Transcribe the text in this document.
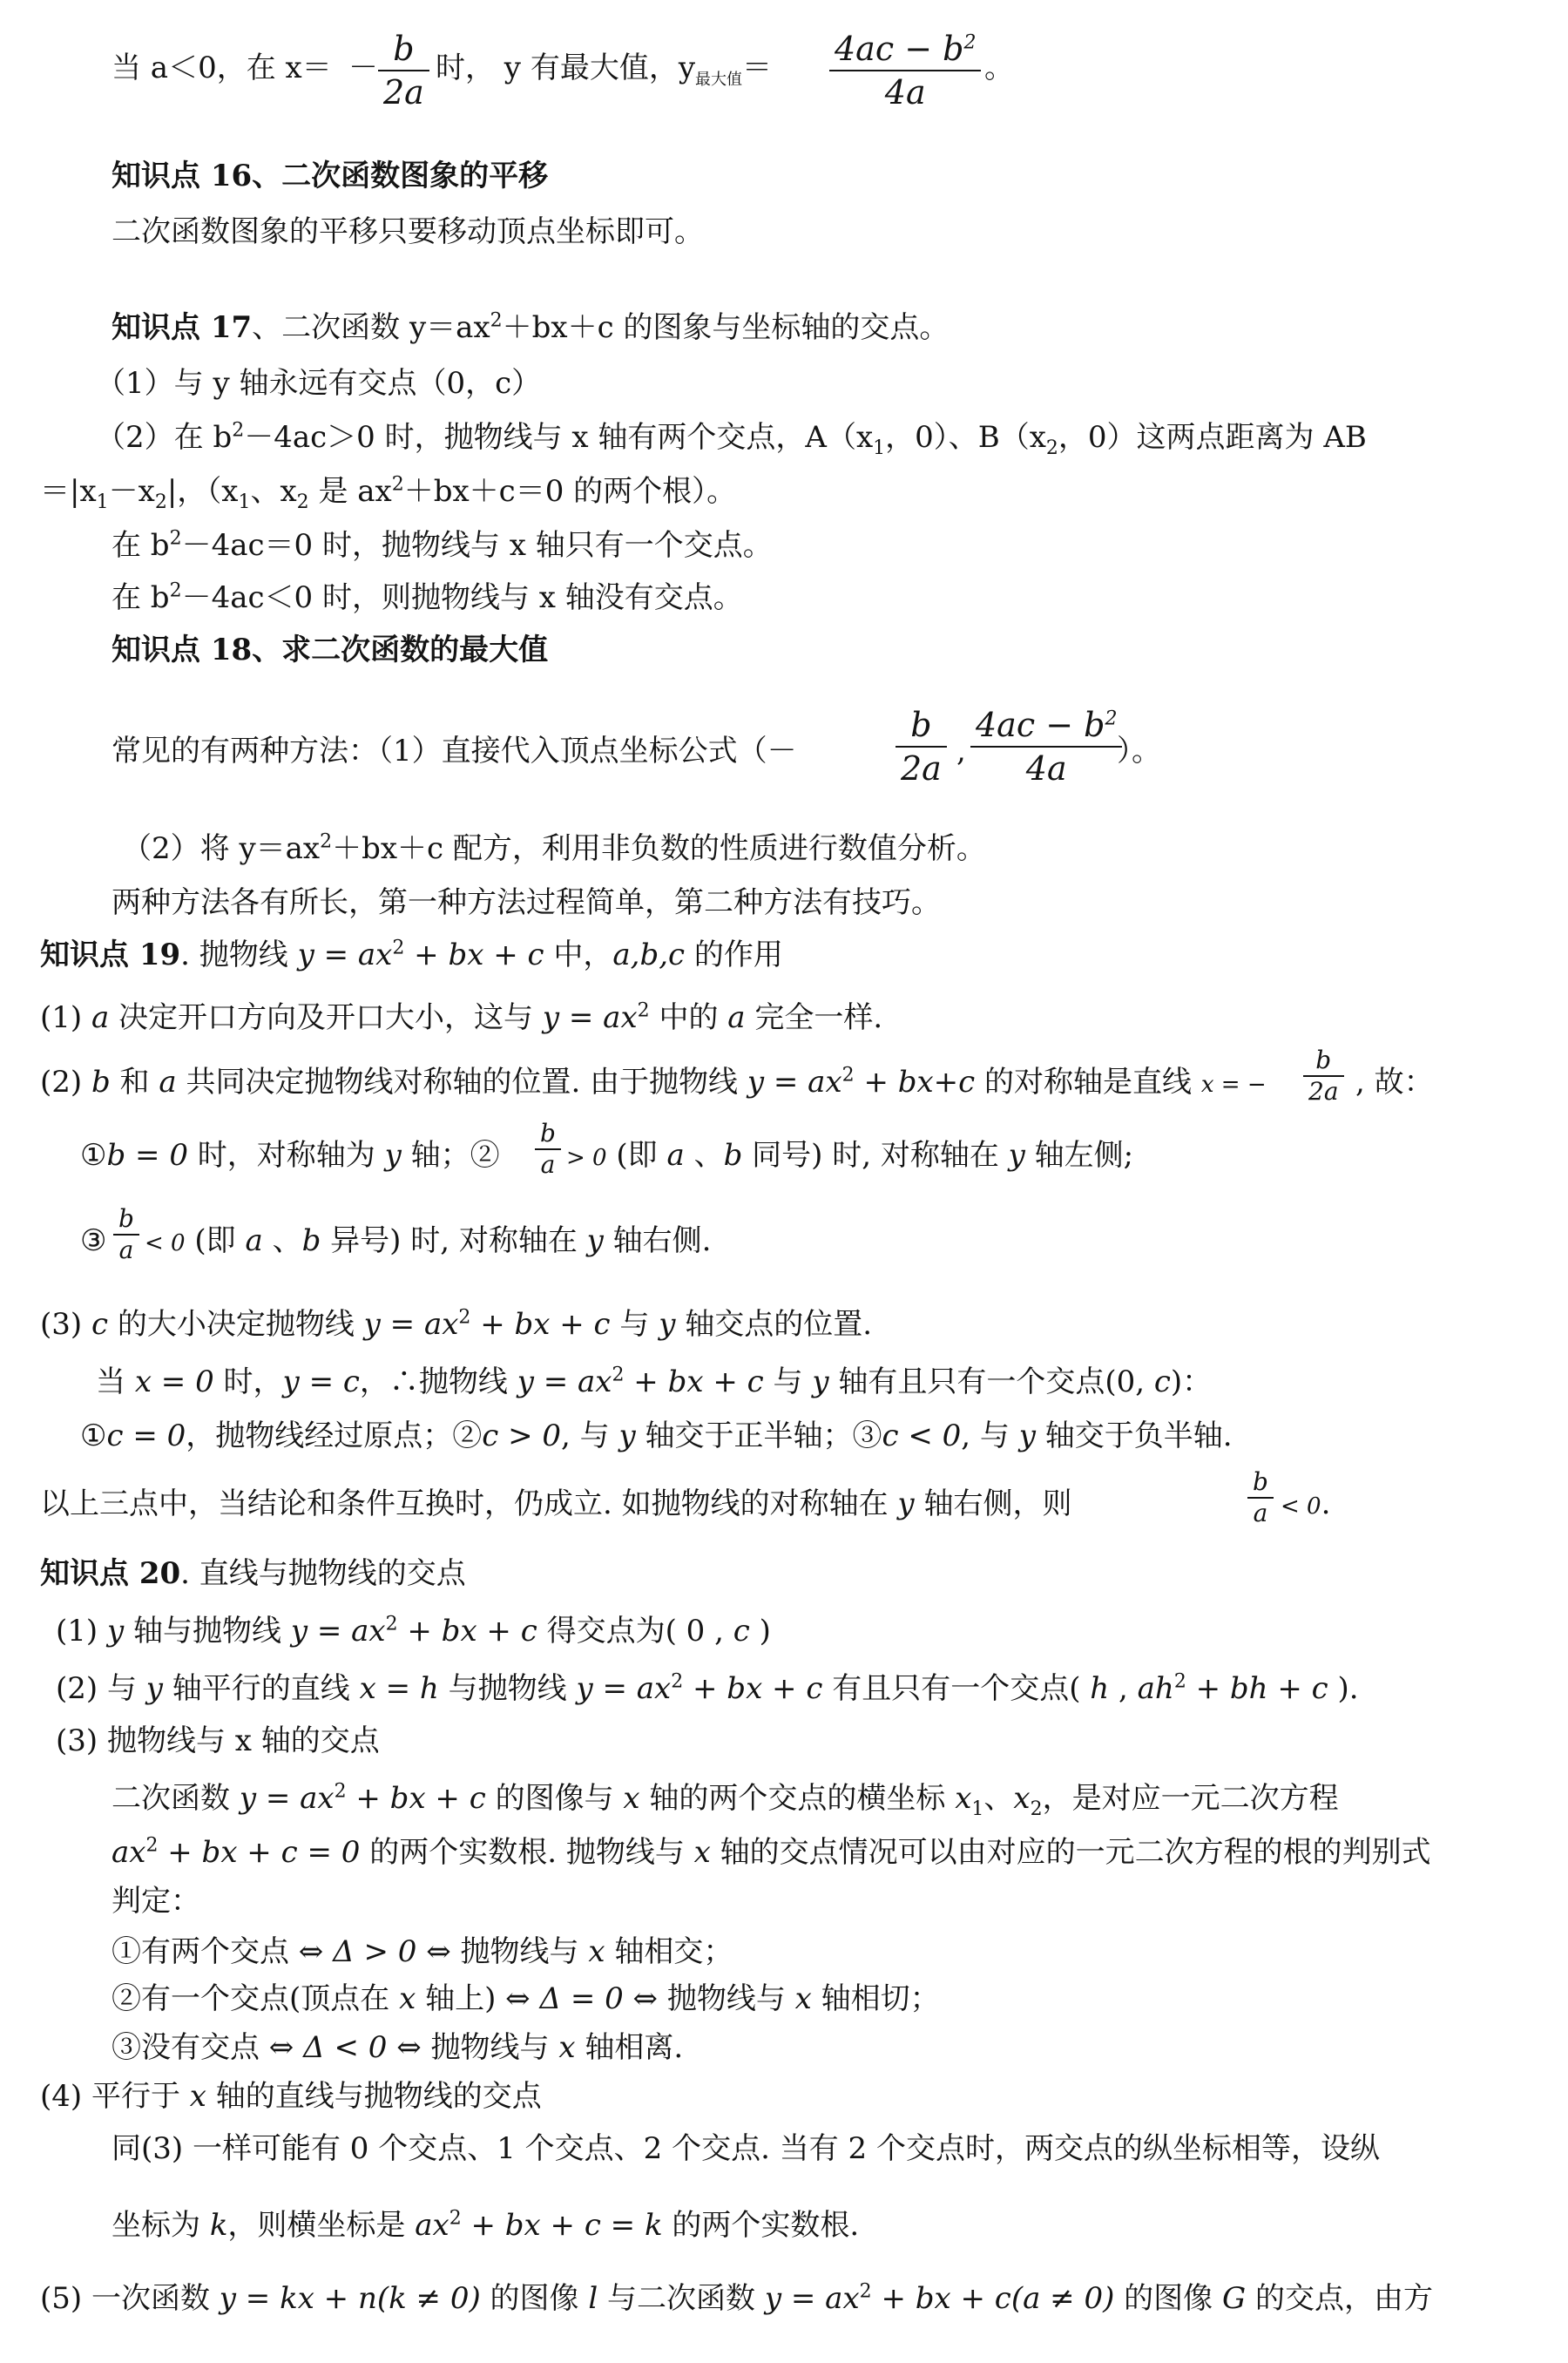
当 a＜0，在 $x= - \frac{b}{2a}$ 时， y 有最大值，$y_{最大值}= \frac{4ac - b^2}{4a}$ 。
知识点 16、二次函数图象的平移
二次函数图象的平移只要移动顶点坐标即可。
知识点 17、二次函数 $y=ax^2+bx+c$ 的图象与坐标轴的交点。
（1）与 y 轴永远有交点（0，c）
（2）在 $b^2-4ac>0$ 时，抛物线与 x 轴有两个交点，$A(x_1$，0）、$B(x_2$，0）这两点距离为 AB
$=|x_1-x_2|$，（$x_1$、$x_2$ 是 $ax^2+bx+c=0$ 的两个根）。
在 $b^2-4ac=0$ 时，抛物线与 x 轴只有一个交点。
在 $b^2-4ac<0$ 时，则抛物线与 x 轴没有交点。
知识点 18、求二次函数的最大值
常见的有两种方法：（1）直接代入顶点坐标公式（－	$\frac{b}{2a}$ , $\frac{4ac - b^2}{4a}$
）。
（2）将 $y=ax^2+bx+c$ 配方，利用非负数的性质进行数值分析。
两种方法各有所长，第一种方法过程简单，第二种方法有技巧。
知识点 19. 抛物线 $y = ax^2$ + bx + c 中，a,b,c 的作用
(1) a 决定开口方向及开口大小，这与 $y = ax^2$ 中的 a 完全一样.
(2) b 和 a 共同决定抛物线对称轴的位置. 由于抛物线 $y = ax^2 + bx+c$ 的对称轴是直线 x = − $\frac{b}{2a}$ , 故：
①b = 0 时，对称轴为 y 轴；② $\frac{b}{a} > 0$ (即 a 、b 同号) 时, 对称轴在 y 轴左侧;
③ $\frac{b}{a} < 0$ (即 a 、b 异号) 时, 对称轴在 y 轴右侧.
(3) c 的大小决定抛物线 $y = ax^2$ + bx + c 与 y 轴交点的位置.
当 x = 0 时，y = c，∴抛物线 $y = ax^2$ + bx + c 与 y 轴有且只有一个交点(0, c)：
①c = 0，抛物线经过原点；②c > 0, 与 y 轴交于正半轴；③c < 0, 与 y 轴交于负半轴.
以上三点中，当结论和条件互换时，仍成立. 如抛物线的对称轴在 y 轴右侧，则	$\frac{b}{a} < 0$.
知识点 20. 直线与抛物线的交点
(1) y 轴与抛物线 $y = ax^2$ + bx + c 得交点为( 0 , c )
(2) 与 y 轴平行的直线 x = h 与抛物线 $y = ax^2$ + bx + c 有且只有一个交点( h , $ah^2$ + bh + c ).
(3) 抛物线与 x 轴的交点
二次函数 $y = ax^2$ + bx + c 的图像与 x 轴的两个交点的横坐标 $x_1$、$x_2$，是对应一元二次方程
$ax^2$ + bx + c = 0 的两个实数根. 抛物线与 x 轴的交点情况可以由对应的一元二次方程的根的判别式
判定：
①有两个交点 ⇔ Δ > 0 ⇔ 抛物线与 x 轴相交；
②有一个交点(顶点在 x 轴上) ⇔ Δ = 0 ⇔ 抛物线与 x 轴相切；
③没有交点 ⇔ Δ < 0 ⇔ 抛物线与 x 轴相离.
(4) 平行于 x 轴的直线与抛物线的交点
同(3) 一样可能有 0 个交点、1 个交点、2 个交点. 当有 2 个交点时，两交点的纵坐标相等，设纵
坐标为 k，则横坐标是 $ax^2$ + bx + c = k 的两个实数根.
(5) 一次函数 y = kx + n(k ≠ 0) 的图像 l 与二次函数 $y = ax^2$ + bx + c(a ≠ 0) 的图像 G 的交点，由方
